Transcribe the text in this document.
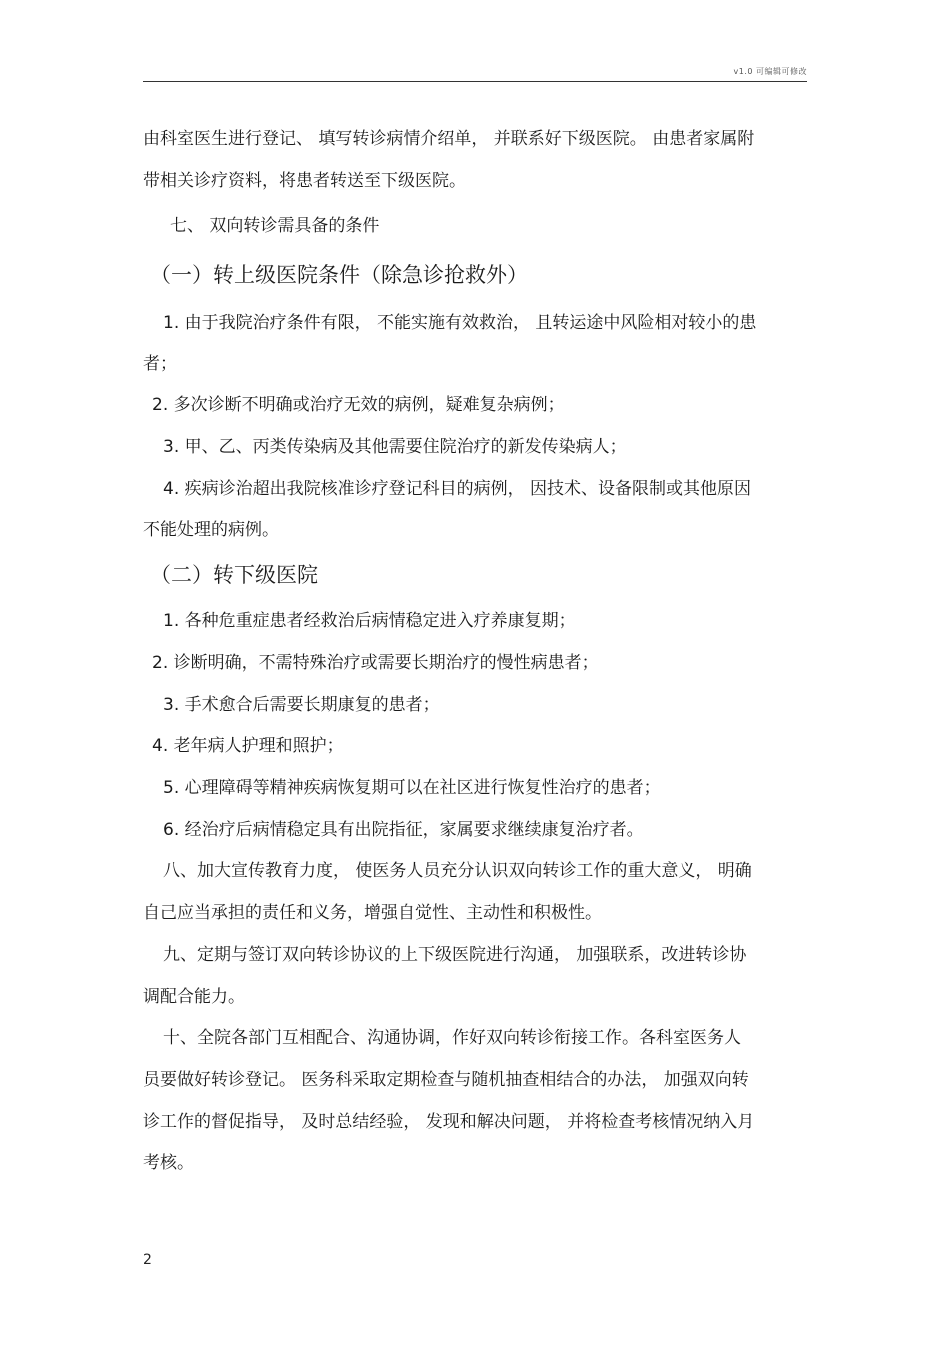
v1.0 可编辑可修改
由科室医生进行登记、 填写转诊病情介绍单， 并联系好下级医院。 由患者家属附
带相关诊疗资料，将患者转送至下级医院。
七、 双向转诊需具备的条件
（一）转上级医院条件（除急诊抢救外）
1. 由于我院治疗条件有限， 不能实施有效救治， 且转运途中风险相对较小的患
者；
2. 多次诊断不明确或治疗无效的病例，疑难复杂病例；
3. 甲、乙、丙类传染病及其他需要住院治疗的新发传染病人；
4. 疾病诊治超出我院核准诊疗登记科目的病例， 因技术、设备限制或其他原因
不能处理的病例。
（二）转下级医院
1. 各种危重症患者经救治后病情稳定进入疗养康复期；
2. 诊断明确，不需特殊治疗或需要长期治疗的慢性病患者；
3. 手术愈合后需要长期康复的患者；
4. 老年病人护理和照护；
5. 心理障碍等精神疾病恢复期可以在社区进行恢复性治疗的患者；
6. 经治疗后病情稳定具有出院指征，家属要求继续康复治疗者。
八、加大宣传教育力度， 使医务人员充分认识双向转诊工作的重大意义， 明确
自己应当承担的责任和义务，增强自觉性、主动性和积极性。
九、定期与签订双向转诊协议的上下级医院进行沟通， 加强联系，改进转诊协
调配合能力。
十、全院各部门互相配合、沟通协调，作好双向转诊衔接工作。各科室医务人
员要做好转诊登记。 医务科采取定期检查与随机抽查相结合的办法， 加强双向转
诊工作的督促指导， 及时总结经验， 发现和解决问题， 并将检查考核情况纳入月
考核。
2
